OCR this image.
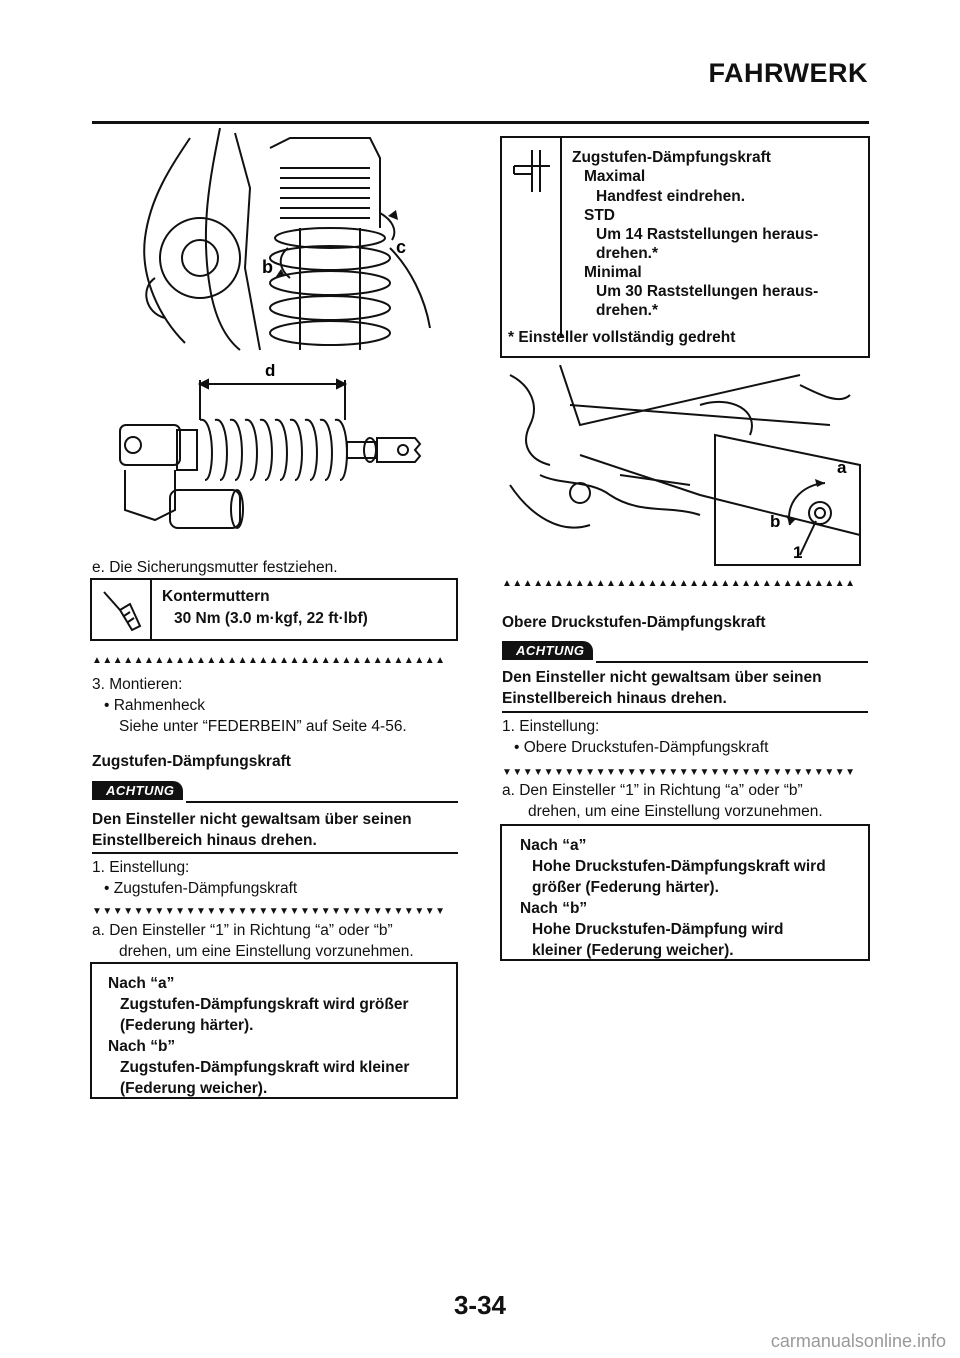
FAHRWERK
c
b
d
e. Die Sicherungsmutter festziehen.
Kontermuttern
30 Nm (3.0 m·kgf, 22 ft·lbf)
▲▲▲▲▲▲▲▲▲▲▲▲▲▲▲▲▲▲▲▲▲▲▲▲▲▲▲▲▲▲▲▲▲▲
3. Montieren:
• Rahmenheck
Siehe unter “FEDERBEIN” auf Seite 4-56.
Zugstufen-Dämpfungskraft
ACHTUNG
Den Einsteller nicht gewaltsam über seinen
Einstellbereich hinaus drehen.
1. Einstellung:
• Zugstufen-Dämpfungskraft
▼▼▼▼▼▼▼▼▼▼▼▼▼▼▼▼▼▼▼▼▼▼▼▼▼▼▼▼▼▼▼▼▼▼
a. Den Einsteller “1” in Richtung “a” oder “b”
drehen, um eine Einstellung vorzunehmen.
Nach “a”
Zugstufen-Dämpfungskraft wird größer
(Federung härter).
Nach “b”
Zugstufen-Dämpfungskraft wird kleiner
(Federung weicher).
Zugstufen-Dämpfungskraft
Maximal
Handfest eindrehen.
STD
Um 14 Raststellungen heraus-
drehen.*
Minimal
Um 30 Raststellungen heraus-
drehen.*
* Einsteller vollständig gedreht
a
b
1
▲▲▲▲▲▲▲▲▲▲▲▲▲▲▲▲▲▲▲▲▲▲▲▲▲▲▲▲▲▲▲▲▲▲
Obere Druckstufen-Dämpfungskraft
ACHTUNG
Den Einsteller nicht gewaltsam über seinen
Einstellbereich hinaus drehen.
1. Einstellung:
• Obere Druckstufen-Dämpfungskraft
▼▼▼▼▼▼▼▼▼▼▼▼▼▼▼▼▼▼▼▼▼▼▼▼▼▼▼▼▼▼▼▼▼▼
a. Den Einsteller “1” in Richtung “a” oder “b”
drehen, um eine Einstellung vorzunehmen.
Nach “a”
Hohe Druckstufen-Dämpfungskraft wird
größer (Federung härter).
Nach “b”
Hohe Druckstufen-Dämpfung wird
kleiner (Federung weicher).
3-34
carmanualsonline.info
